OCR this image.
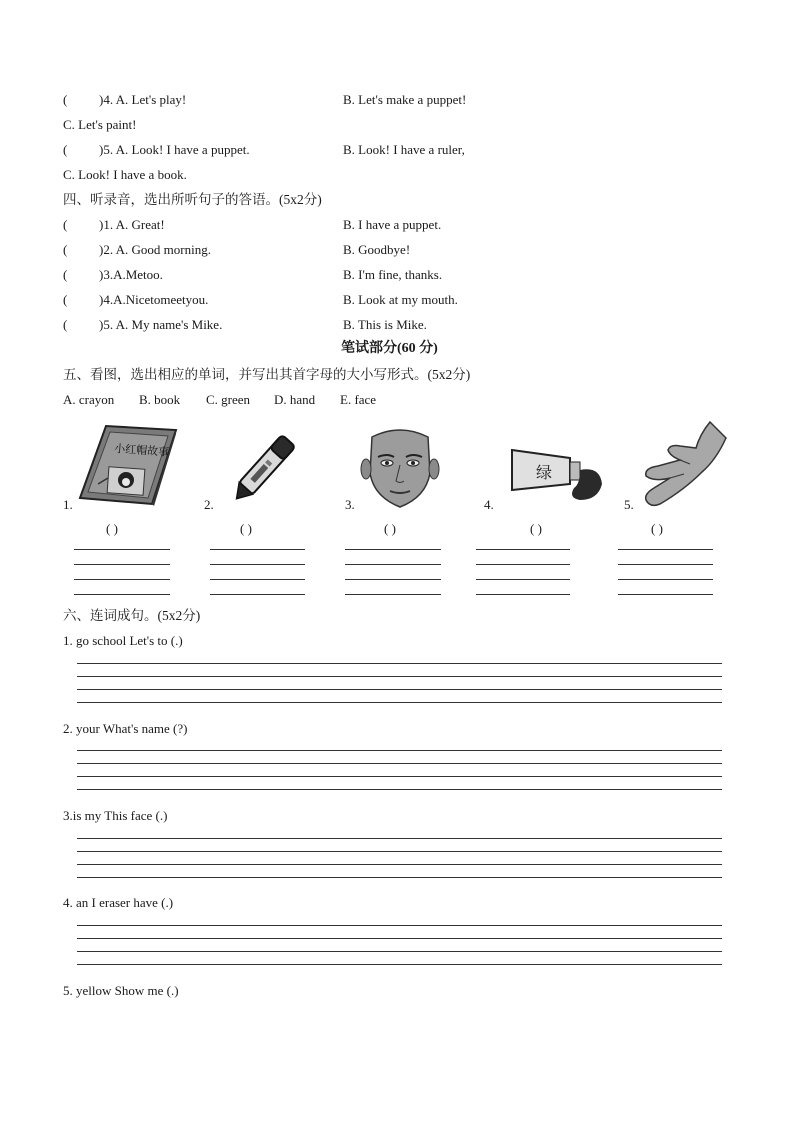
( )4. A. Let's play!	B. Let's make a puppet!
C. Let's paint!
( )5. A. Look! I have a puppet.	B. Look! I have a ruler,
C. Look! I have a book.
四、听录音，选出所听句子的答语。(5x2分)
( )1. A. Great!	B. I have a puppet.
( )2. A. Good morning.	B. Goodbye!
( )3.A.Metoo.	B. I'm fine, thanks.
( )4.A.Nicetomeetyou.	B. Look at my mouth.
( )5. A. My name's Mike.	B. This is Mike.
笔试部分(60 分)
五、看图，选出相应的单词，并写出其首字母的大小写形式。(5x2分)
A. crayon B. book C. green D. hand E. face
1.
小红帽故事
( )
2.
( )
3.
( )
4.
绿
( )
5.
( )
六、连词成句。(5x2分)
1. go school Let's to (.)
2. your What's name (?)
3.is my This face (.)
4. an I eraser have (.)
5. yellow Show me (.)
